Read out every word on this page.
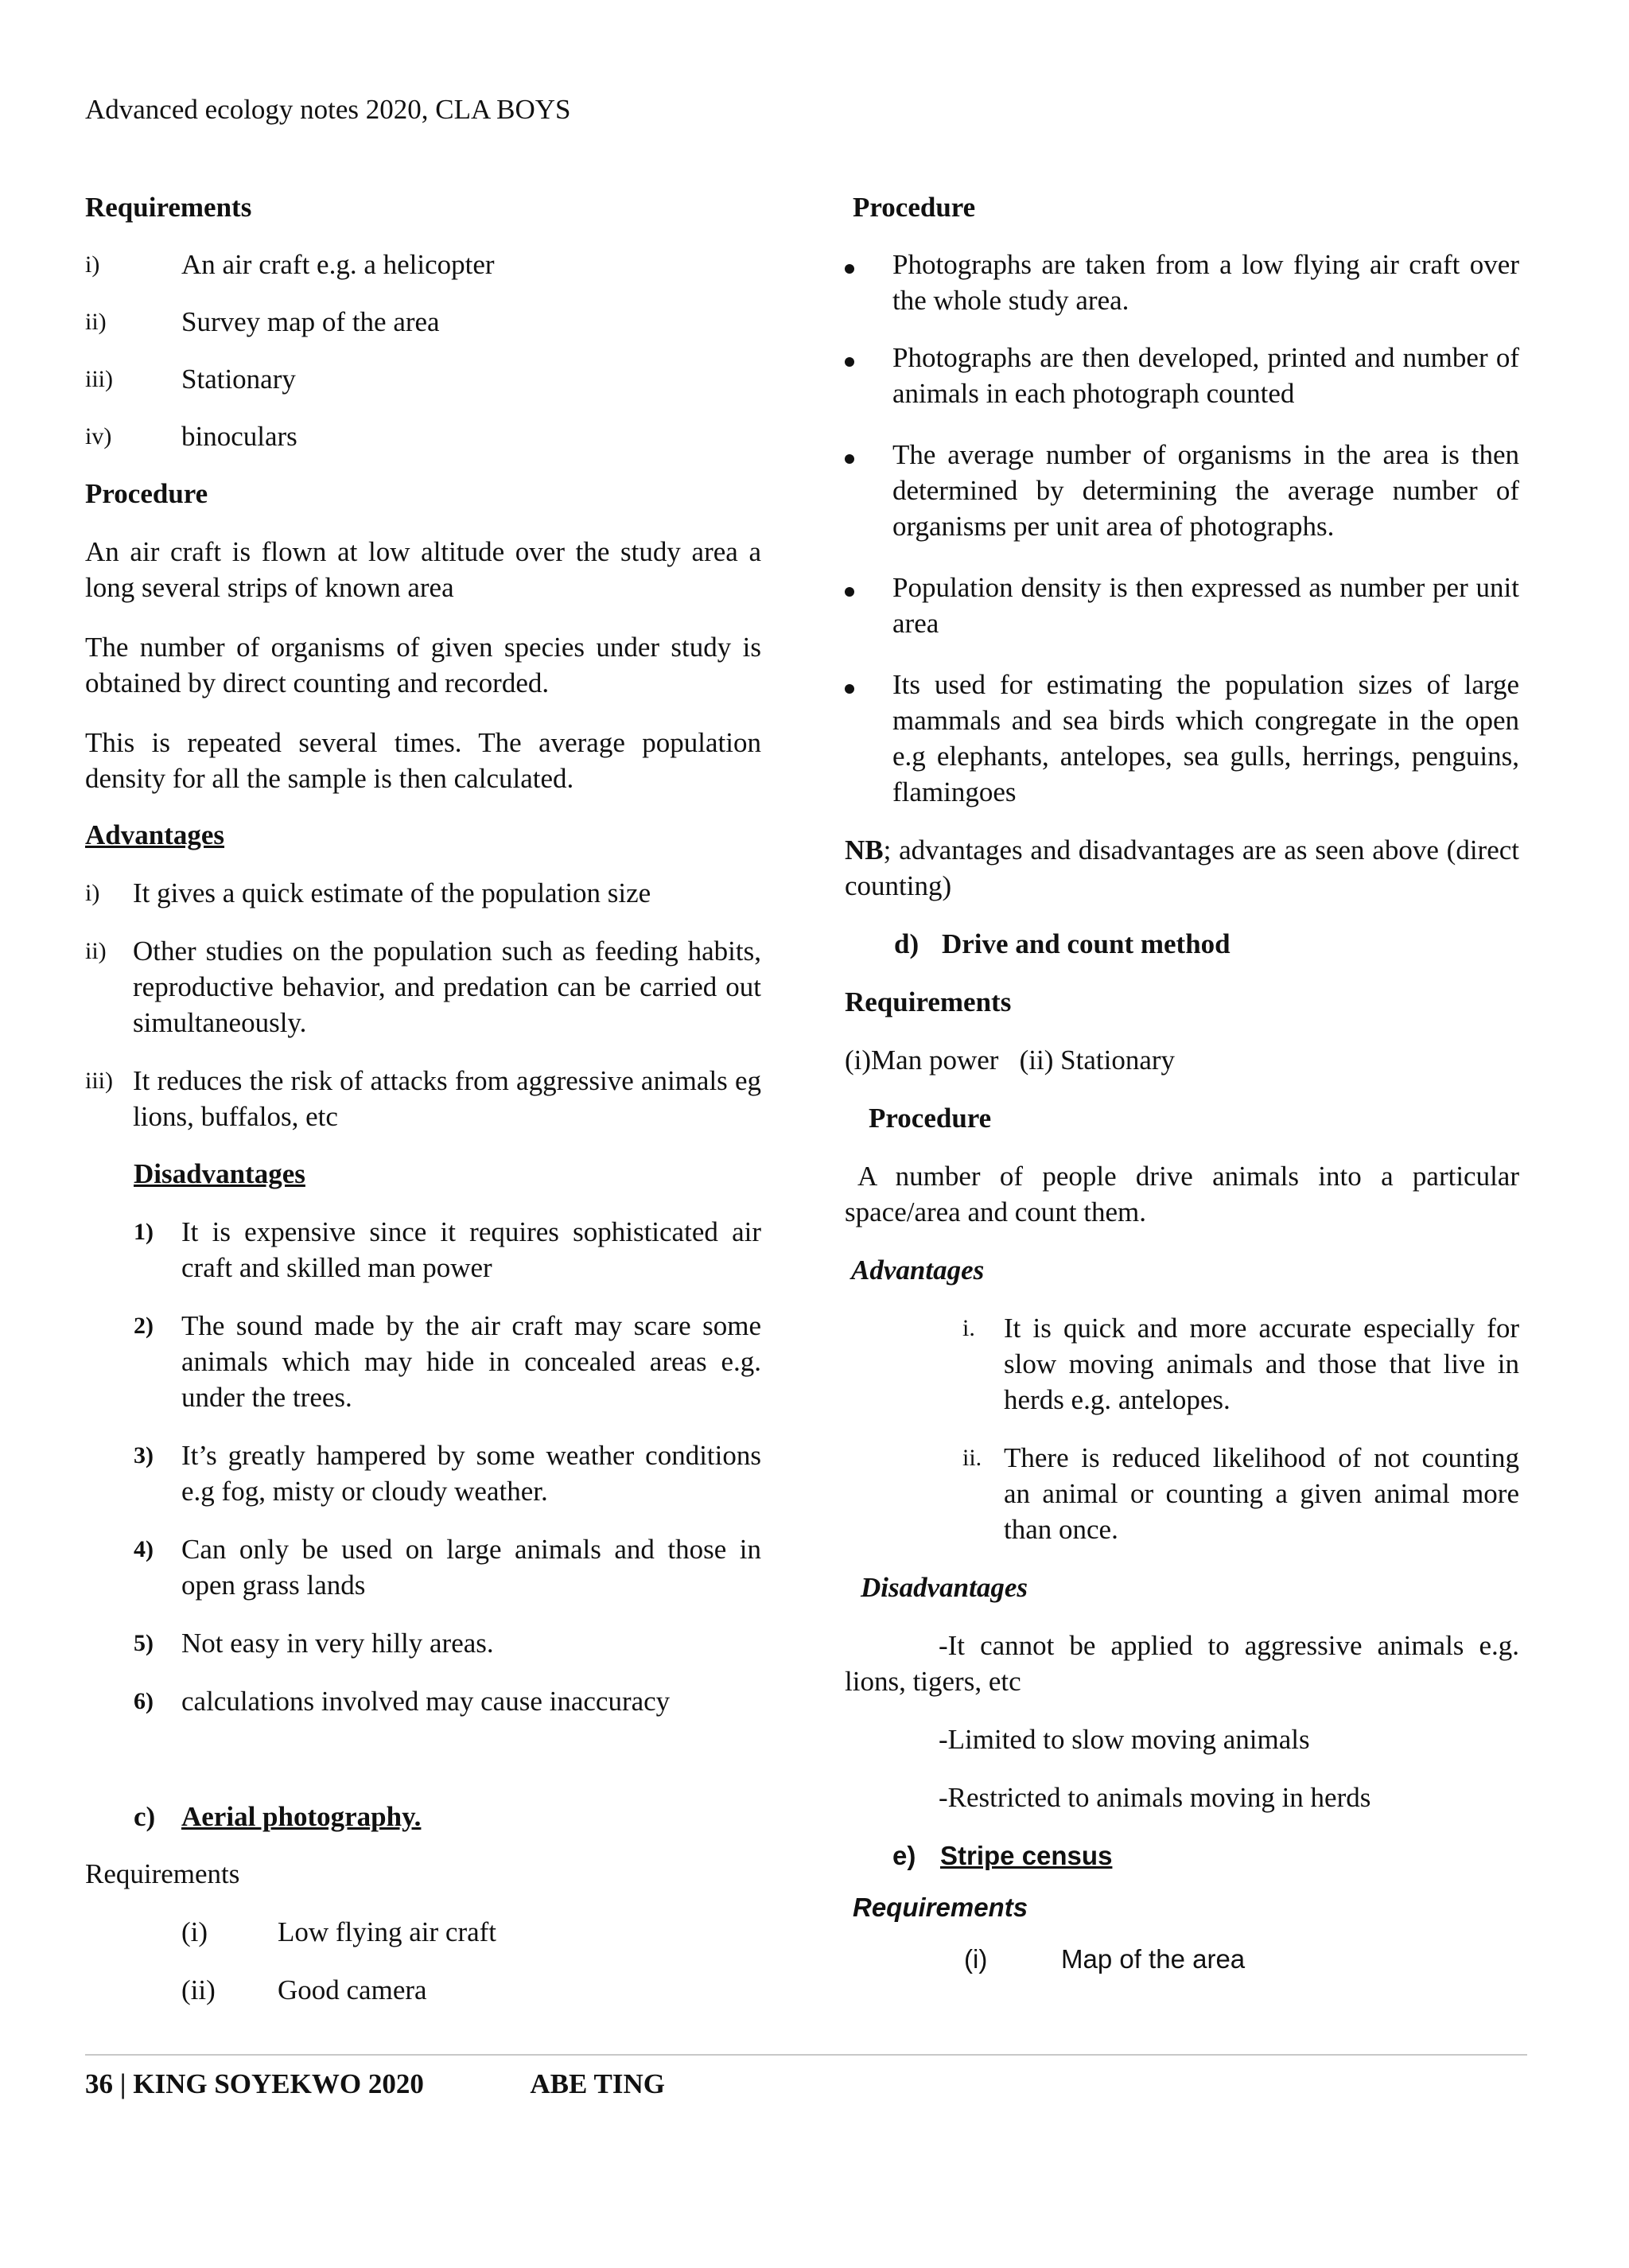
Advanced ecology notes 2020, CLA BOYS

Requirements

i)	An air craft e.g. a helicopter
ii)	Survey map of the area
iii)	Stationary
iv)	binoculars

Procedure

An air craft is flown at low altitude over the study area a long several strips of known area

The number of organisms of given species under study is obtained by direct counting and recorded.

This is repeated several times. The average population density for all the sample is then calculated.

Advantages

i)	It gives a quick estimate of the population size
ii) Other studies on the population such as feeding habits, reproductive behavior, and predation can be carried out simultaneously.
iii) It reduces the risk of attacks from aggressive animals eg lions, buffalos, etc

Disadvantages

1)	It is expensive since it requires sophisticated air craft and skilled man power
2)	The sound made by the air craft may scare some animals which may hide in concealed areas e.g. under the trees.
3)	It’s greatly hampered by some weather conditions e.g fog, misty or cloudy weather.
4)	Can only be used on large animals and those in open grass lands
5)	Not easy in very hilly areas.
6)	calculations involved may cause inaccuracy
c) Aerial photography.

Requirements

(i)	Low flying air craft
(ii)	Good camera

Procedure

Photographs are taken from a low flying air craft over the whole study area.
Photographs are then developed, printed and number of animals in each photograph counted
The average number of organisms in the area is then determined by determining the average number of organisms per unit area of photographs.
Population density is then expressed as number per unit area
Its used for estimating the population sizes of large mammals and sea birds which congregate in the open e.g elephants, antelopes, sea gulls, herrings, penguins, flamingoes

NB; advantages and disadvantages are as seen above (direct counting)

d) Drive and count method

Requirements

(i)Man power   (ii) Stationary

Procedure

A number of people drive animals into a particular space/area and count them.

Advantages

i.	It is quick and more accurate especially for slow moving animals and those that live in herds e.g. antelopes.
ii. There is reduced likelihood of not counting an animal or counting a given animal more than once.

Disadvantages

-It cannot be applied to aggressive animals e.g. lions, tigers, etc

-Limited to slow moving animals

-Restricted to animals moving in herds

e) Stripe census

Requirements

(i)	Map of the area
36 | KING SOYEKWO 2020	ABE TING
